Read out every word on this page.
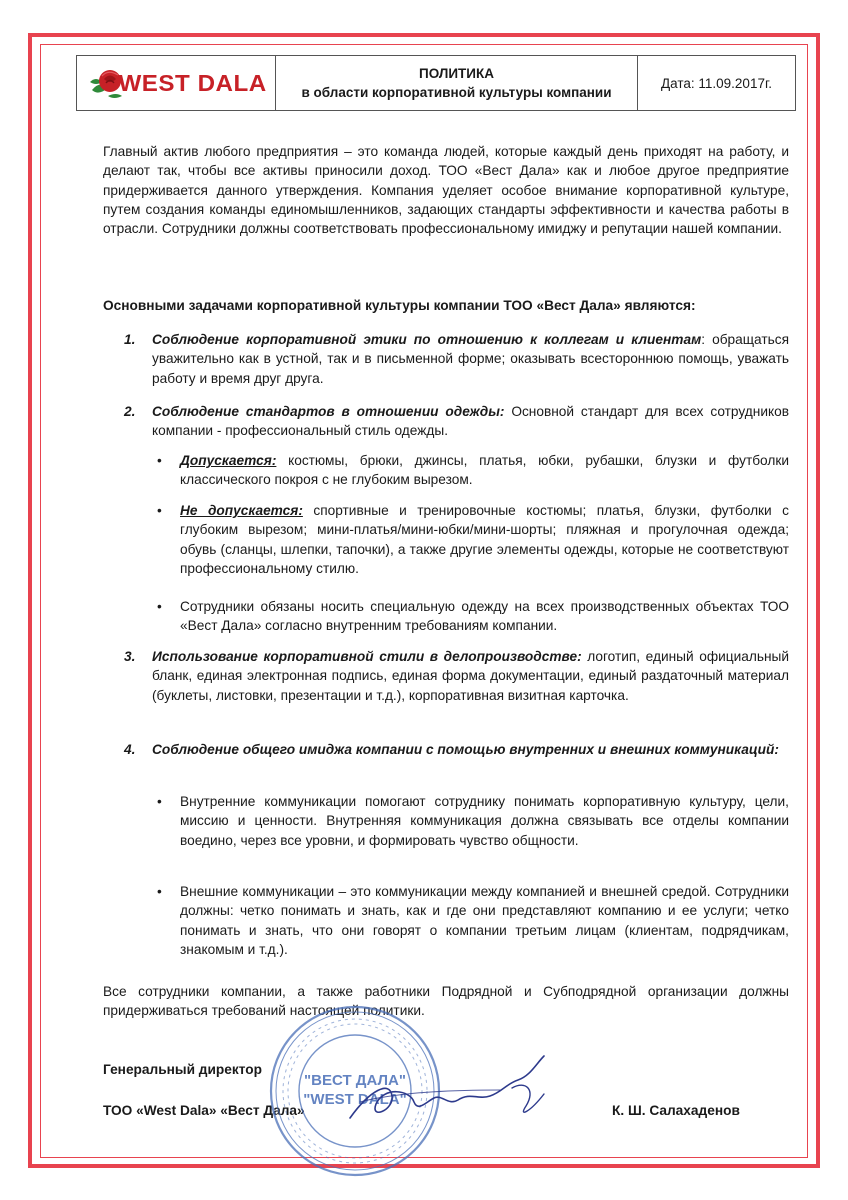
WEST DALA	ПОЛИТИКА
в области корпоративной культуры компании
Дата: 11.09.2017г.

Главный актив любого предприятия – это команда людей, которые каждый день приходят на работу, и делают так, чтобы все активы приносили доход. ТОО «Вест Дала» как и любое другое предприятие придерживается данного утверждения. Компания уделяет особое внимание корпоративной культуре, путем создания команды единомышленников, задающих стандарты эффективности и качества работы в отрасли. Сотрудники должны соответствовать профессиональному имиджу и репутации нашей компании.

Основными задачами корпоративной культуры компании ТОО «Вест Дала» являются:
1. Соблюдение корпоративной этики по отношению к коллегам и клиентам: обращаться уважительно как в устной, так и в письменной форме; оказывать всестороннюю помощь, уважать работу и время друг друга.
2. Соблюдение стандартов в отношении одежды: Основной стандарт для всех сотрудников компании - профессиональный стиль одежды.
• Допускается: костюмы, брюки, джинсы, платья, юбки, рубашки, блузки и футболки классического покроя с не глубоким вырезом.
• Не допускается: спортивные и тренировочные костюмы; платья, блузки, футболки с глубоким вырезом; мини-платья/мини-юбки/мини-шорты; пляжная и прогулочная одежда; обувь (сланцы, шлепки, тапочки), а также другие элементы одежды, которые не соответствуют профессиональному стилю.
• Сотрудники обязаны носить специальную одежду на всех производственных объектах ТОО «Вест Дала» согласно внутренним требованиям компании.
3. Использование корпоративной стили в делопроизводстве: логотип, единый официальный бланк, единая электронная подпись, единая форма документации, единый раздаточный материал (буклеты, листовки, презентации и т.д.), корпоративная визитная карточка.
4. Соблюдение общего имиджа компании с помощью внутренних и внешних коммуникаций:
• Внутренние коммуникации помогают сотруднику понимать корпоративную культуру, цели, миссию и ценности. Внутренняя коммуникация должна связывать все отделы компании воедино, через все уровни, и формировать чувство общности.
• Внешние коммуникации – это коммуникации между компанией и внешней средой. Сотрудники должны: четко понимать и знать, как и где они представляют компанию и ее услуги; четко понимать и знать, что они говорят о компании третьим лицам (клиентам, подрядчикам, знакомым и т.д.).

Все сотрудники компании, а также работники Подрядной и Субподрядной организации должны придерживаться требований настоящей политики.

Генеральный директор
ТОО «West Dala» «Вест Дала»	К. Ш. Салахаденов
"ВЕСТ ДАЛА"
"WEST DALA"
